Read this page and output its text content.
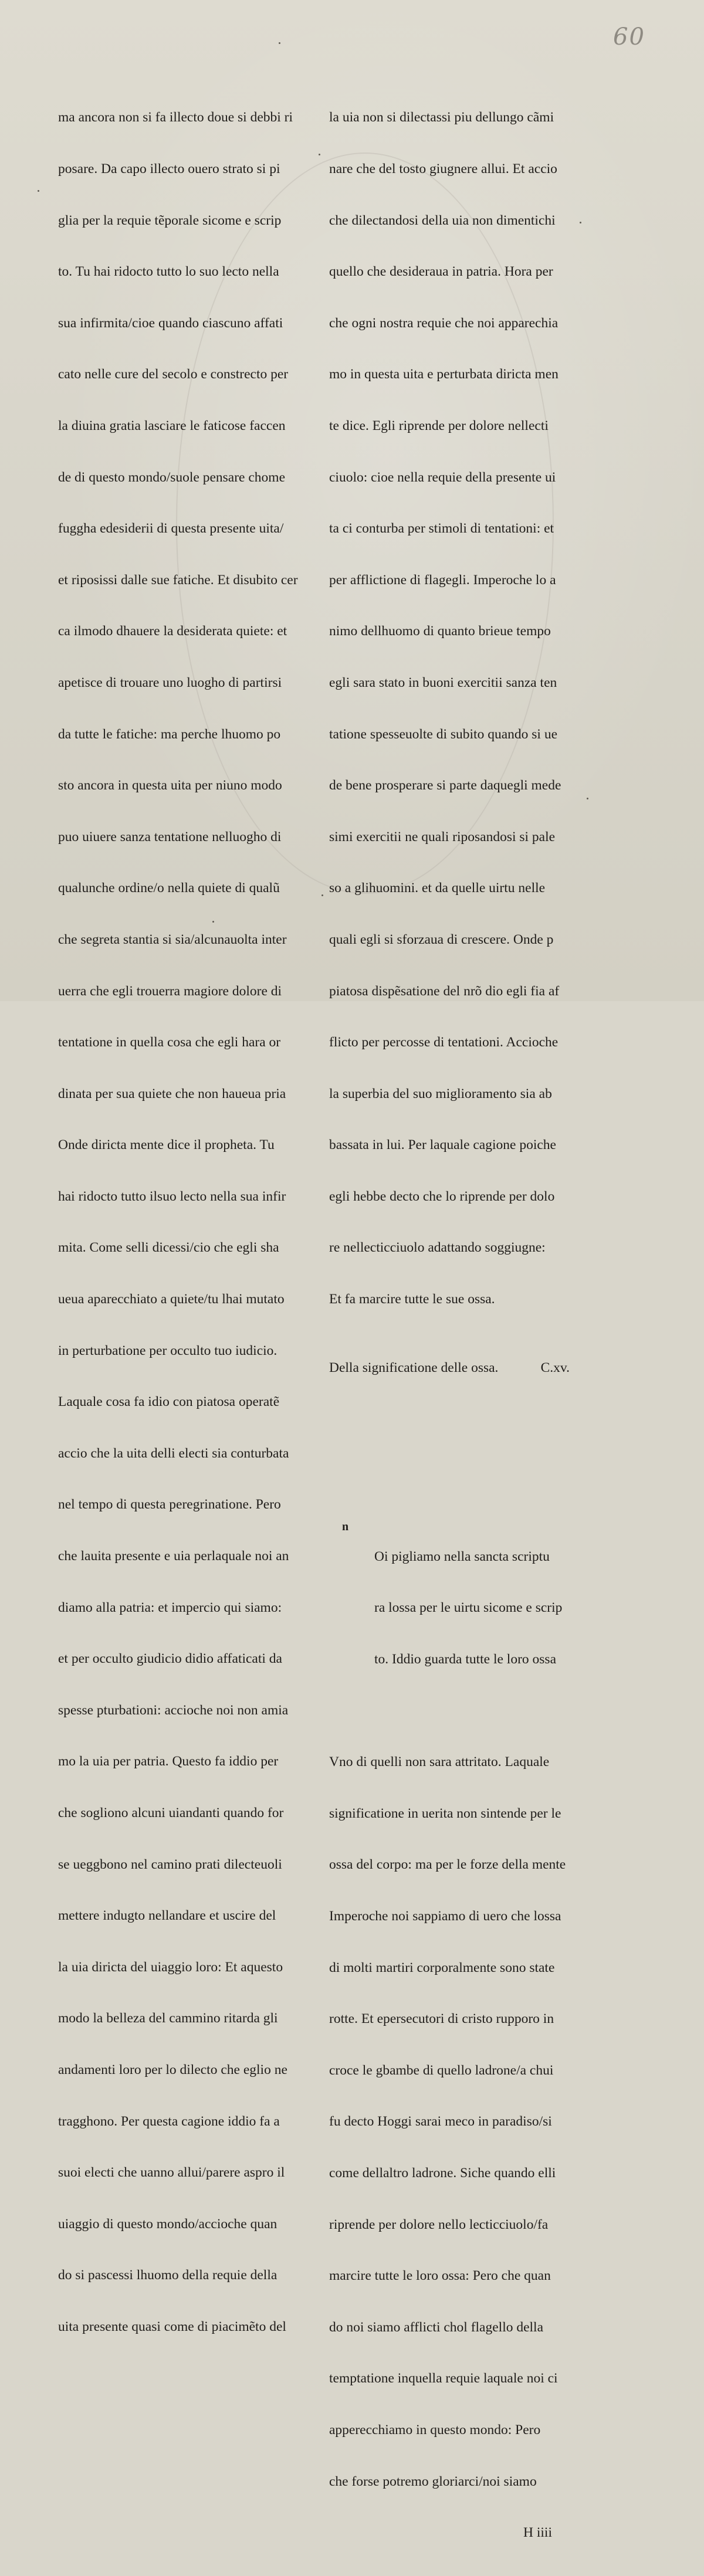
60

ma ancora non si fa illecto doue si debbi ri

posare. Da capo illecto ouero strato si pi

glia per la requie tẽporale sicome e scrip

to. Tu hai ridocto tutto lo suo lecto nella

sua infirmita/cioe quando ciascuno affati

cato nelle cure del secolo e constrecto per

la diuina gratia lasciare le faticose faccen

de di questo mondo/suole pensare chome

fuggha edesiderii di questa presente uita/

et riposissi dalle sue fatiche. Et disubito cer

ca ilmodo dhauere la desiderata quiete: et

apetisce di trouare uno luogho di partirsi

da tutte le fatiche: ma perche lhuomo po

sto ancora in questa uita per niuno modo

puo uiuere sanza tentatione nelluogho di

qualunche ordine/o nella quiete di qualũ

che segreta stantia si sia/alcunauolta inter

uerra che egli trouerra magiore dolore di

tentatione in quella cosa che egli hara or

dinata per sua quiete che non haueua pria

Onde diricta mente dice il propheta. Tu

hai ridocto tutto ilsuo lecto nella sua infir

mita. Come selli dicessi/cio che egli sha

ueua aparecchiato a quiete/tu lhai mutato

in perturbatione per occulto tuo iudicio.

Laquale cosa fa idio con piatosa operatẽ

accio che la uita delli electi sia conturbata

nel tempo di questa peregrinatione. Pero

che lauita presente e uia perlaquale noi an

diamo alla patria: et impercio qui siamo:

et per occulto giudicio didio affaticati da

spesse pturbationi: accioche noi non amia

mo la uia per patria. Questo fa iddio per

che sogliono alcuni uiandanti quando for

se ueggbono nel camino prati dilecteuoli

mettere indugto nellandare et uscire del

la uia diricta del uiaggio loro: Et aquesto

modo la belleza del cammino ritarda gli

andamenti loro per lo dilecto che eglio ne

tragghono. Per questa cagione iddio fa a

suoi electi che uanno allui/parere aspro il

uiaggio di questo mondo/accioche quan

do si pascessi lhuomo della requie della

uita presente quasi come di piacimẽto del

la uia non si dilectassi piu dellungo cãmi

nare che del tosto giugnere allui. Et accio

che dilectandosi della uia non dimentichi

quello che desideraua in patria. Hora per

che ogni nostra requie che noi apparechia

mo in questa uita e perturbata diricta men

te dice. Egli riprende per dolore nellecti

ciuolo: cioe nella requie della presente ui

ta ci conturba per stimoli di tentationi: et

per afflictione di flagegli. Imperoche lo a

nimo dellhuomo di quanto brieue tempo

egli sara stato in buoni exercitii sanza ten

tatione spesseuolte di subito quando si ue

de bene prosperare si parte daquegli mede

simi exercitii ne quali riposandosi si pale

so a glihuomini. et da quelle uirtu nelle

quali egli si sforzaua di crescere. Onde p

piatosa dispẽsatione del nrõ dio egli fia af

flicto per percosse di tentationi. Accioche

la superbia del suo miglioramento sia ab

bassata in lui. Per laquale cagione poiche

egli hebbe decto che lo riprende per dolo

re nellecticciuolo adattando soggiugne:

Et fa marcire tutte le sue ossa.

Della significatione delle ossa.	C.xv.

n

Oi pigliamo nella sancta scriptu

ra lossa per le uirtu sicome e scrip

to. Iddio guarda tutte le loro ossa

Vno di quelli non sara attritato. Laquale

significatione in uerita non sintende per le

ossa del corpo: ma per le forze della mente

Imperoche noi sappiamo di uero che lossa

di molti martiri corporalmente sono state

rotte. Et epersecutori di cristo rupporo in

croce le gbambe di quello ladrone/a chui

fu decto Hoggi sarai meco in paradiso/si

come dellaltro ladrone. Siche quando elli

riprende per dolore nello lecticciuolo/fa

marcire tutte le loro ossa: Pero che quan

do noi siamo afflicti chol flagello della

temptatione inquella requie laquale noi ci

apperecchiamo in questo mondo: Pero

che forse potremo gloriarci/noi siamo

H iiii
